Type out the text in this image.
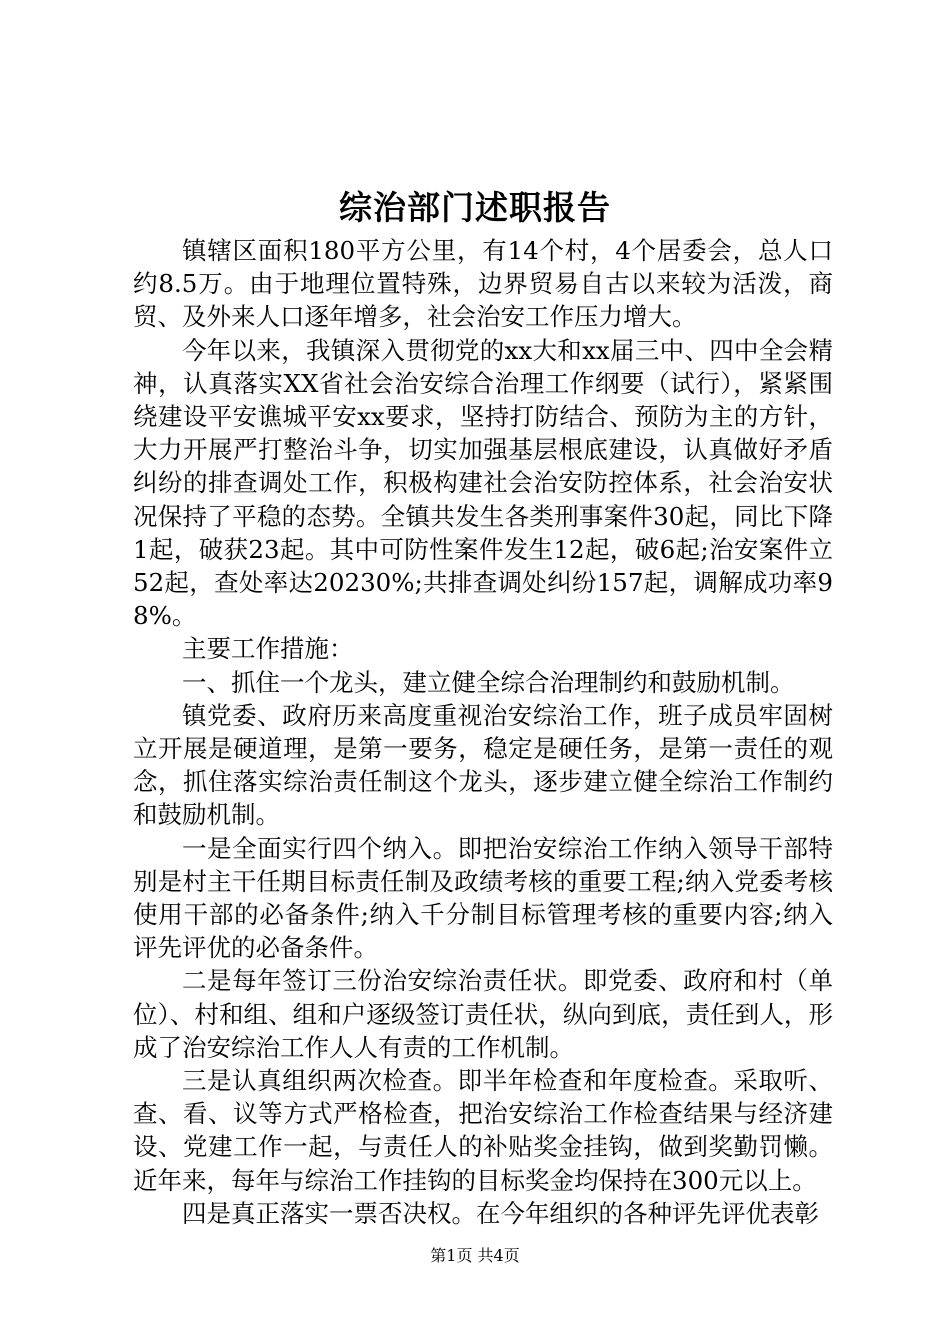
综治部门述职报告

镇辖区面积180平方公里，有14个村，4个居委会，总人口约8.5万。由于地理位置特殊，边界贸易自古以来较为活泼，商贸、及外来人口逐年增多，社会治安工作压力增大。

今年以来，我镇深入贯彻党的xx大和xx届三中、四中全会精神，认真落实XX省社会治安综合治理工作纲要（试行），紧紧围绕建设平安谯城平安xx要求，坚持打防结合、预防为主的方针，大力开展严打整治斗争，切实加强基层根底建设，认真做好矛盾纠纷的排查调处工作，积极构建社会治安防控体系，社会治安状况保持了平稳的态势。全镇共发生各类刑事案件30起，同比下降1起，破获23起。其中可防性案件发生12起，破6起;治安案件立52起，查处率达20230%;共排查调处纠纷157起，调解成功率98%。

主要工作措施：

一、抓住一个龙头，建立健全综合治理制约和鼓励机制。

镇党委、政府历来高度重视治安综治工作，班子成员牢固树立开展是硬道理，是第一要务，稳定是硬任务，是第一责任的观念，抓住落实综治责任制这个龙头，逐步建立健全综治工作制约和鼓励机制。

一是全面实行四个纳入。即把治安综治工作纳入领导干部特别是村主干任期目标责任制及政绩考核的重要工程;纳入党委考核使用干部的必备条件;纳入千分制目标管理考核的重要内容;纳入评先评优的必备条件。

二是每年签订三份治安综治责任状。即党委、政府和村（单位）、村和组、组和户逐级签订责任状，纵向到底，责任到人，形成了治安综治工作人人有责的工作机制。

三是认真组织两次检查。即半年检查和年度检查。采取听、查、看、议等方式严格检查，把治安综治工作检查结果与经济建设、党建工作一起，与责任人的补贴奖金挂钩，做到奖勤罚懒。近年来，每年与综治工作挂钩的目标奖金均保持在300元以上。

四是真正落实一票否决权。在今年组织的各种评先评优表彰

第1页 共4页
